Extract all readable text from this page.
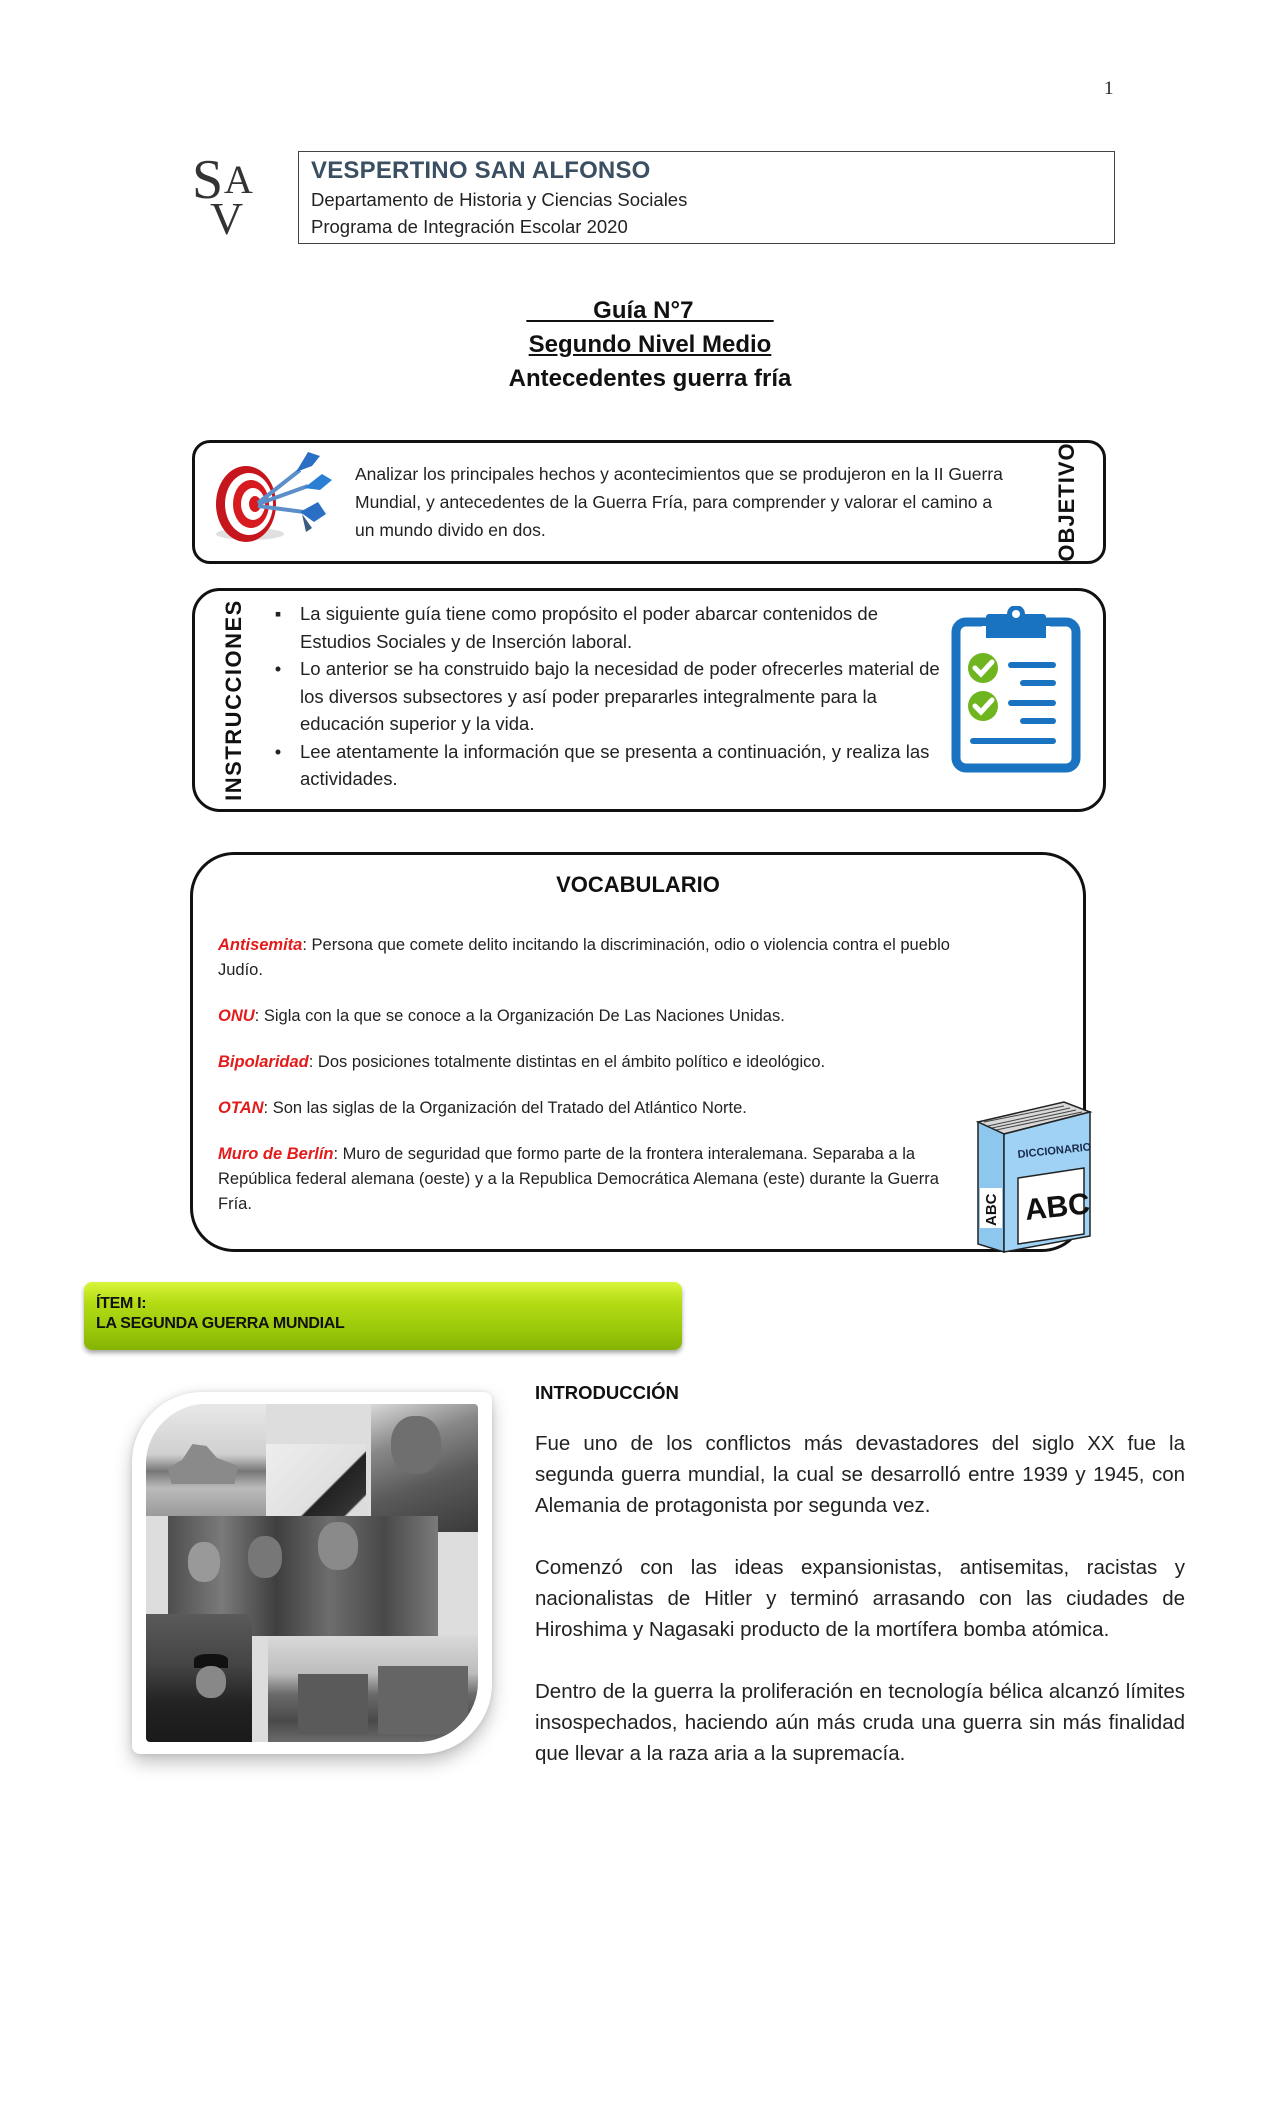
1
S A
V
VESPERTINO SAN ALFONSO
Departamento de Historia y Ciencias Sociales
Programa de Integración Escolar 2020
____  Guía N°7______
Segundo Nivel Medio
Antecedentes guerra fría
Analizar los principales hechos y acontecimientos que se produjeron en la II Guerra Mundial, y antecedentes de la Guerra Fría, para comprender y valorar el camino a un mundo divido en dos.	OBJETIVO
INSTRUCCIONES	▪	La siguiente guía tiene como propósito el poder abarcar contenidos de Estudios Sociales y de Inserción laboral.
•	Lo anterior se ha construido bajo la necesidad de poder ofrecerles material de los diversos subsectores y así poder prepararles integralmente para la educación superior y la vida.
•	Lee atentamente la información que se presenta a continuación, y realiza las actividades.
VOCABULARIO
Antisemita: Persona que comete delito incitando la discriminación, odio o violencia contra el pueblo Judío.
ONU: Sigla con la que se conoce a la Organización De Las Naciones Unidas.
Bipolaridad: Dos posiciones totalmente distintas en el ámbito político e ideológico.
OTAN: Son las siglas de la Organización del Tratado del Atlántico Norte.
Muro de Berlín: Muro de seguridad que formo parte de la frontera interalemana. Separaba a la República federal alemana (oeste) y a la Republica Democrática Alemana (este) durante la Guerra Fría.	ABC
DICCIONARIO
ABC
ÍTEM I:
LA SEGUNDA GUERRA MUNDIAL
INTRODUCCIÓN

Fue uno de los conflictos más devastadores del siglo XX fue la segunda guerra mundial, la cual se desarrolló entre 1939 y 1945, con Alemania de protagonista por segunda vez.

Comenzó con las ideas expansionistas, antisemitas, racistas y nacionalistas de Hitler y terminó arrasando con las ciudades de Hiroshima y Nagasaki producto de la mortífera bomba atómica.

Dentro de la guerra la proliferación en tecnología bélica alcanzó límites insospechados, haciendo aún más cruda una guerra sin más finalidad que llevar a la raza aria a la supremacía.
